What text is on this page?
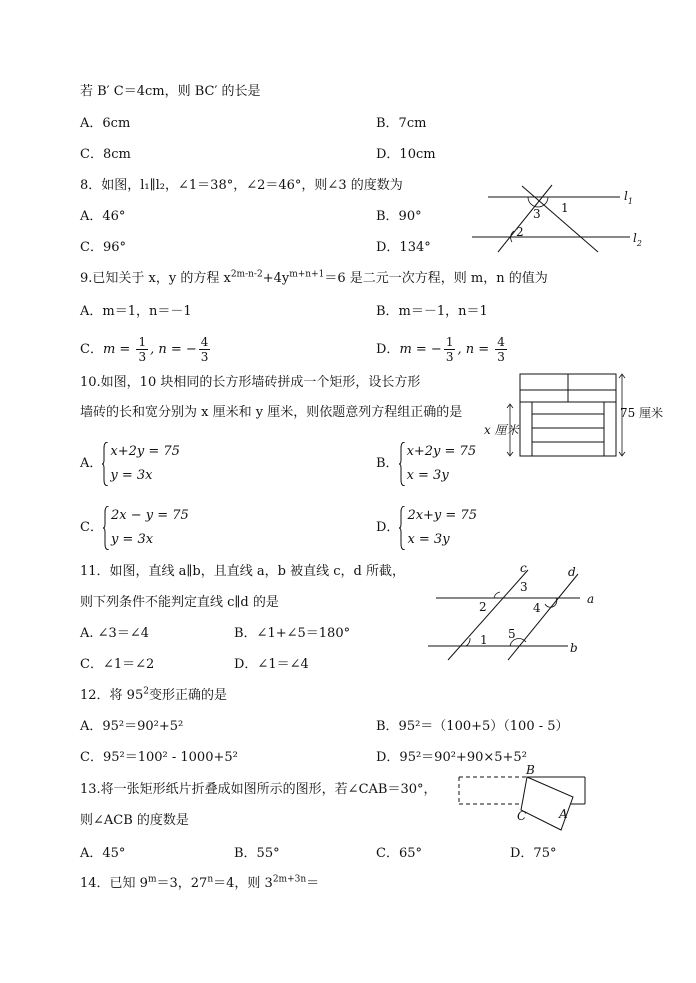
若 B′ C＝4cm，则 BC′ 的长是
A．6cm	B．7cm
C．8cm	D．10cm
8．如图，l₁∥l₂，∠1＝38°，∠2＝46°，则∠3 的度数为
A．46°	B．90°
C．96°	D．134°
3 1
2
$l_1$
$l_2$
9.已知关于 x，y 的方程 $x^{2m-n-2}+4y^{m+n+1}=6$ 是二元一次方程，则 m，n 的值为
A．m＝1，n＝－1	B．m＝－1，n＝1
C．$m = \frac{1}{3}$ , n = − $\frac{4}{3}$	D．m = − $\frac{1}{3}$ , $n = \frac{4}{3}$
10.如图，10 块相同的长方形墙砖拼成一个矩形，设长方形
墙砖的长和宽分别为 x 厘米和 y 厘米，则依题意列方程组正确的是
A．
x+2y = 75
y = 3x
B．
x+2y = 75
x = 3y
C．
2x − y = 75
y = 3x
D．
2x+y = 75
x = 3y
75 厘米
x 厘米
11．如图，直线 a∥b，且直线 a，b 被直线 c，d 所截，
则下列条件不能判定直线 c∥d 的是
A. ∠3＝∠4	B．∠1+∠5＝180°
C．∠1＝∠2	D．∠1＝∠4
c	d
a
b
3
2	4
1 5
12．将 $95^2$变形正确的是
A．95²＝90²+5²	B．95²＝（100+5）（100 - 5）
C．95²＝100² - 1000+5²	D．95²＝90²+90×5+5²
13.将一张矩形纸片折叠成如图所示的图形，若∠CAB＝30°，
则∠ACB 的度数是
A．45°	B．55°	C．65°	D．75°
B
C	A
14．已知 $9^m=3$，$27^n=4$，则 $3^{2m+3n}=$
